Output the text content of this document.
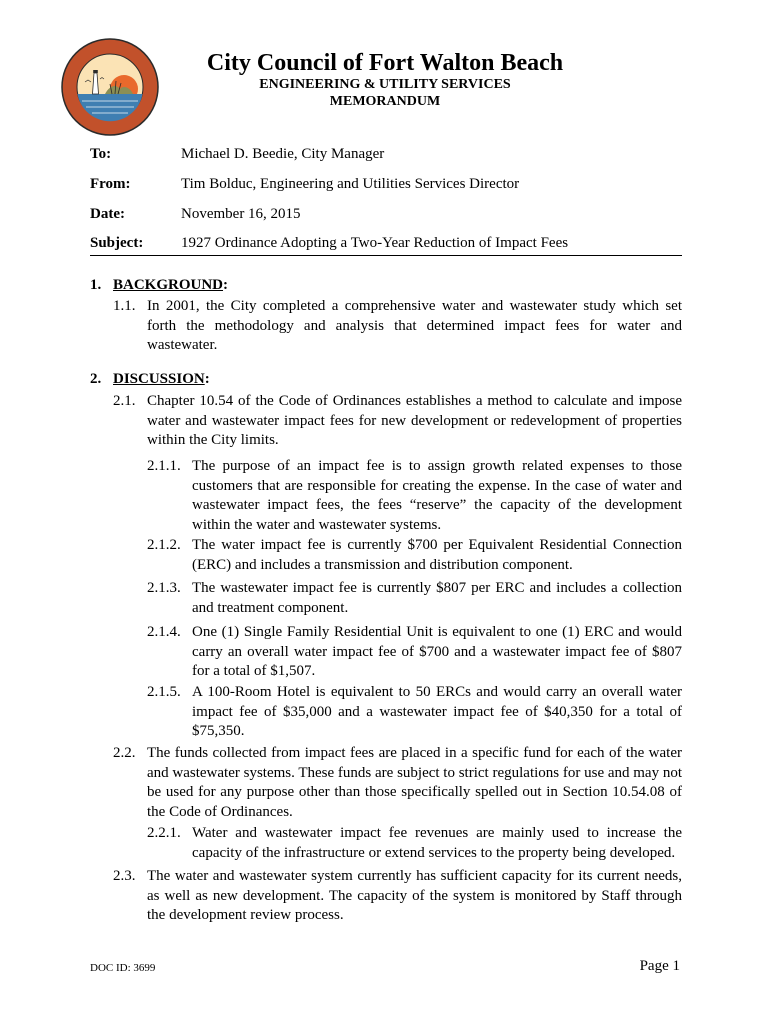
City Council of Fort Walton Beach
ENGINEERING & UTILITY SERVICES
MEMORANDUM
To:	Michael D. Beedie, City Manager
From:	Tim Bolduc, Engineering and Utilities Services Director
Date:	November 16, 2015
Subject:	1927 Ordinance Adopting a Two-Year Reduction of Impact Fees
1. BACKGROUND:
1.1. In 2001, the City completed a comprehensive water and wastewater study which set forth the methodology and analysis that determined impact fees for water and wastewater.
2. DISCUSSION:
2.1. Chapter 10.54 of the Code of Ordinances establishes a method to calculate and impose water and wastewater impact fees for new development or redevelopment of properties within the City limits.
2.1.1. The purpose of an impact fee is to assign growth related expenses to those customers that are responsible for creating the expense. In the case of water and wastewater impact fees, the fees “reserve” the capacity of the development within the water and wastewater systems.
2.1.2. The water impact fee is currently $700 per Equivalent Residential Connection (ERC) and includes a transmission and distribution component.
2.1.3. The wastewater impact fee is currently $807 per ERC and includes a collection and treatment component.
2.1.4. One (1) Single Family Residential Unit is equivalent to one (1) ERC and would carry an overall water impact fee of $700 and a wastewater impact fee of $807 for a total of $1,507.
2.1.5. A 100-Room Hotel is equivalent to 50 ERCs and would carry an overall water impact fee of $35,000 and a wastewater impact fee of $40,350 for a total of $75,350.
2.2. The funds collected from impact fees are placed in a specific fund for each of the water and wastewater systems. These funds are subject to strict regulations for use and may not be used for any purpose other than those specifically spelled out in Section 10.54.08 of the Code of Ordinances.
2.2.1. Water and wastewater impact fee revenues are mainly used to increase the capacity of the infrastructure or extend services to the property being developed.
2.3. The water and wastewater system currently has sufficient capacity for its current needs, as well as new development. The capacity of the system is monitored by Staff through the development review process.
DOC ID: 3699	Page 1
